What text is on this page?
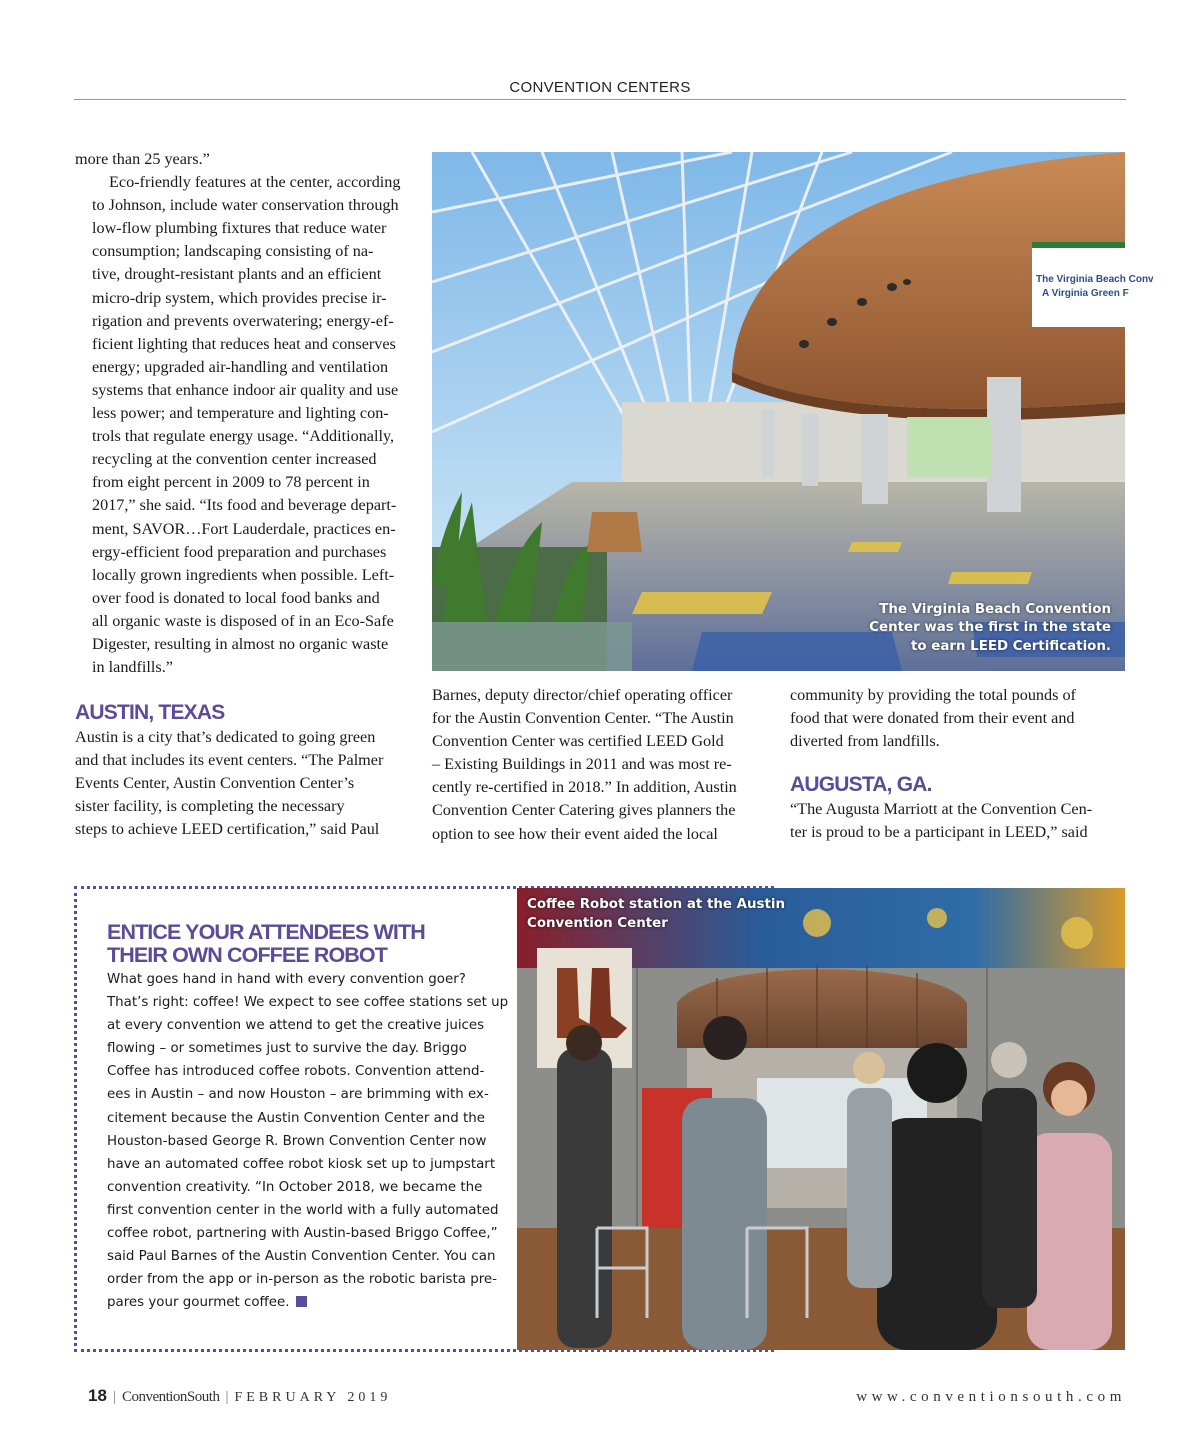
CONVENTION CENTERS

more than 25 years.”

Eco-friendly features at the center, according
to Johnson, include water conservation through
low-flow plumbing fixtures that reduce water
consumption; landscaping consisting of na-
tive, drought-resistant plants and an efficient
micro-drip system, which provides precise ir-
rigation and prevents overwatering; energy-ef-
ficient lighting that reduces heat and conserves
energy; upgraded air-handling and ventilation
systems that enhance indoor air quality and use
less power; and temperature and lighting con-
trols that regulate energy usage. “Additionally,
recycling at the convention center increased
from eight percent in 2009 to 78 percent in
2017,” she said. “Its food and beverage depart-
ment, SAVOR…Fort Lauderdale, practices en-
ergy-efficient food preparation and purchases
locally grown ingredients when possible. Left-
over food is donated to local food banks and
all organic waste is disposed of in an Eco-Safe
Digester, resulting in almost no organic waste
in landfills.”

AUSTIN, TEXAS
Austin is a city that’s dedicated to going green
and that includes its event centers. “The Palmer
Events Center, Austin Convention Center’s
sister facility, is completing the necessary
steps to achieve LEED certification,” said Paul
Barnes, deputy director/chief operating officer
for the Austin Convention Center. “The Austin
Convention Center was certified LEED Gold
– Existing Buildings in 2011 and was most re-
cently re-certified in 2018.” In addition, Austin
Convention Center Catering gives planners the
option to see how their event aided the local
community by providing the total pounds of
food that were donated from their event and
diverted from landfills.
AUGUSTA, GA.
“The Augusta Marriott at the Convention Cen-
ter is proud to be a participant in LEED,” said
The Virginia Beach Conv
A Virginia Green F
The Virginia Beach Convention
Center was the first in the state
to earn LEED Certification.
ENTICE YOUR ATTENDEES WITH
THEIR OWN COFFEE ROBOT
What goes hand in hand with every convention goer?
That’s right: coffee! We expect to see coffee stations set up
at every convention we attend to get the creative juices
flowing – or sometimes just to survive the day. Briggo
Coffee has introduced coffee robots. Convention attend-
ees in Austin – and now Houston – are brimming with ex-
citement because the Austin Convention Center and the
Houston-based George R. Brown Convention Center now
have an automated coffee robot kiosk set up to jumpstart
convention creativity. “In October 2018, we became the
first convention center in the world with a fully automated
coffee robot, partnering with Austin-based Briggo Coffee,”
said Paul Barnes of the Austin Convention Center. You can
order from the app or in-person as the robotic barista pre-
pares your gourmet coffee.
Coffee Robot station at the Austin
Convention Center
18 | ConventionSouth | FEBRUARY 2019	www.conventionsouth.com
